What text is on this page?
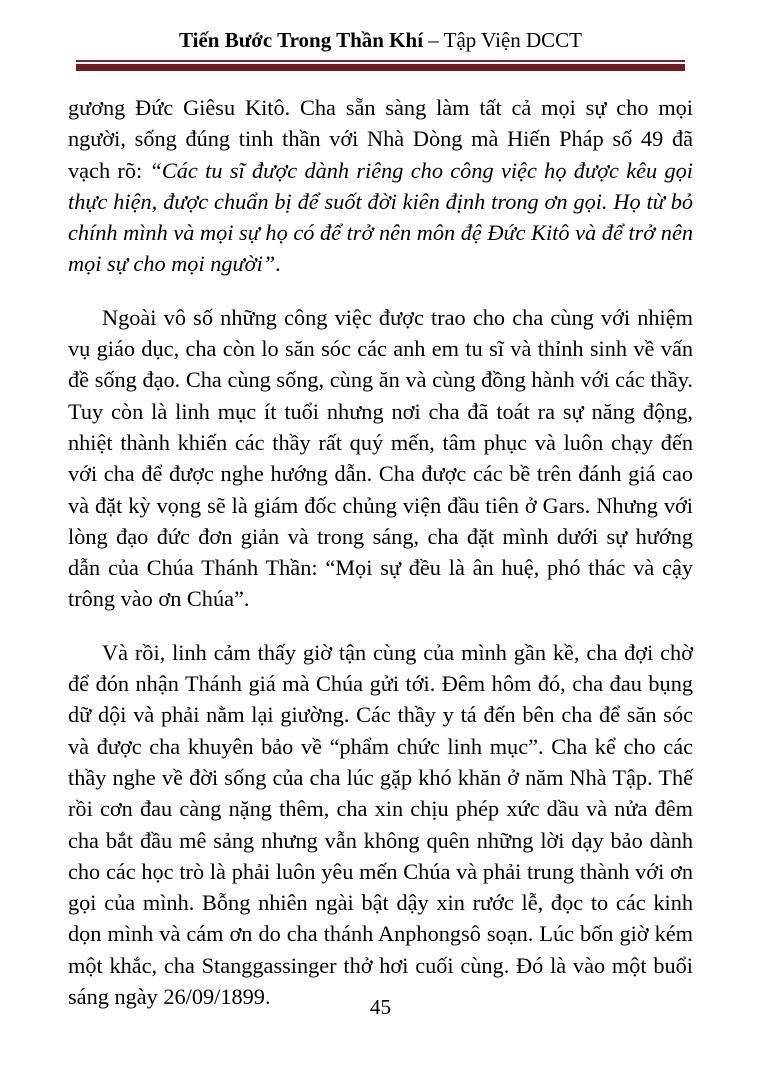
Tiến Bước Trong Thần Khí – Tập Viện DCCT

gương Đức Giêsu Kitô. Cha sẵn sàng làm tất cả mọi sự cho mọi người, sống đúng tinh thần với Nhà Dòng mà Hiến Pháp số 49 đã vạch rõ: “Các tu sĩ được dành riêng cho công việc họ được kêu gọi thực hiện, được chuẩn bị để suốt đời kiên định trong ơn gọi. Họ từ bỏ chính mình và mọi sự họ có để trở nên môn đệ Đức Kitô và để trở nên mọi sự cho mọi người”.

Ngoài vô số những công việc được trao cho cha cùng với nhiệm vụ giáo dục, cha còn lo săn sóc các anh em tu sĩ và thỉnh sinh về vấn đề sống đạo. Cha cùng sống, cùng ăn và cùng đồng hành với các thầy. Tuy còn là linh mục ít tuổi nhưng nơi cha đã toát ra sự năng động, nhiệt thành khiến các thầy rất quý mến, tâm phục và luôn chạy đến với cha để được nghe hướng dẫn. Cha được các bề trên đánh giá cao và đặt kỳ vọng sẽ là giám đốc chủng viện đầu tiên ở Gars. Nhưng với lòng đạo đức đơn giản và trong sáng, cha đặt mình dưới sự hướng dẫn của Chúa Thánh Thần: “Mọi sự đều là ân huệ, phó thác và cậy trông vào ơn Chúa”.

Và rồi, linh cảm thấy giờ tận cùng của mình gần kề, cha đợi chờ để đón nhận Thánh giá mà Chúa gửi tới. Đêm hôm đó, cha đau bụng dữ dội và phải nằm lại giường. Các thầy y tá đến bên cha để săn sóc và được cha khuyên bảo về “phẩm chức linh mục”. Cha kể cho các thầy nghe về đời sống của cha lúc gặp khó khăn ở năm Nhà Tập. Thế rồi cơn đau càng nặng thêm, cha xin chịu phép xức dầu và nửa đêm cha bắt đầu mê sảng nhưng vẫn không quên những lời dạy bảo dành cho các học trò là phải luôn yêu mến Chúa và phải trung thành với ơn gọi của mình. Bỗng nhiên ngài bật dậy xin rước lễ, đọc to các kinh dọn mình và cám ơn do cha thánh Anphongsô soạn. Lúc bốn giờ kém một khắc, cha Stanggassinger thở hơi cuối cùng. Đó là vào một buổi sáng ngày 26/09/1899.	45
